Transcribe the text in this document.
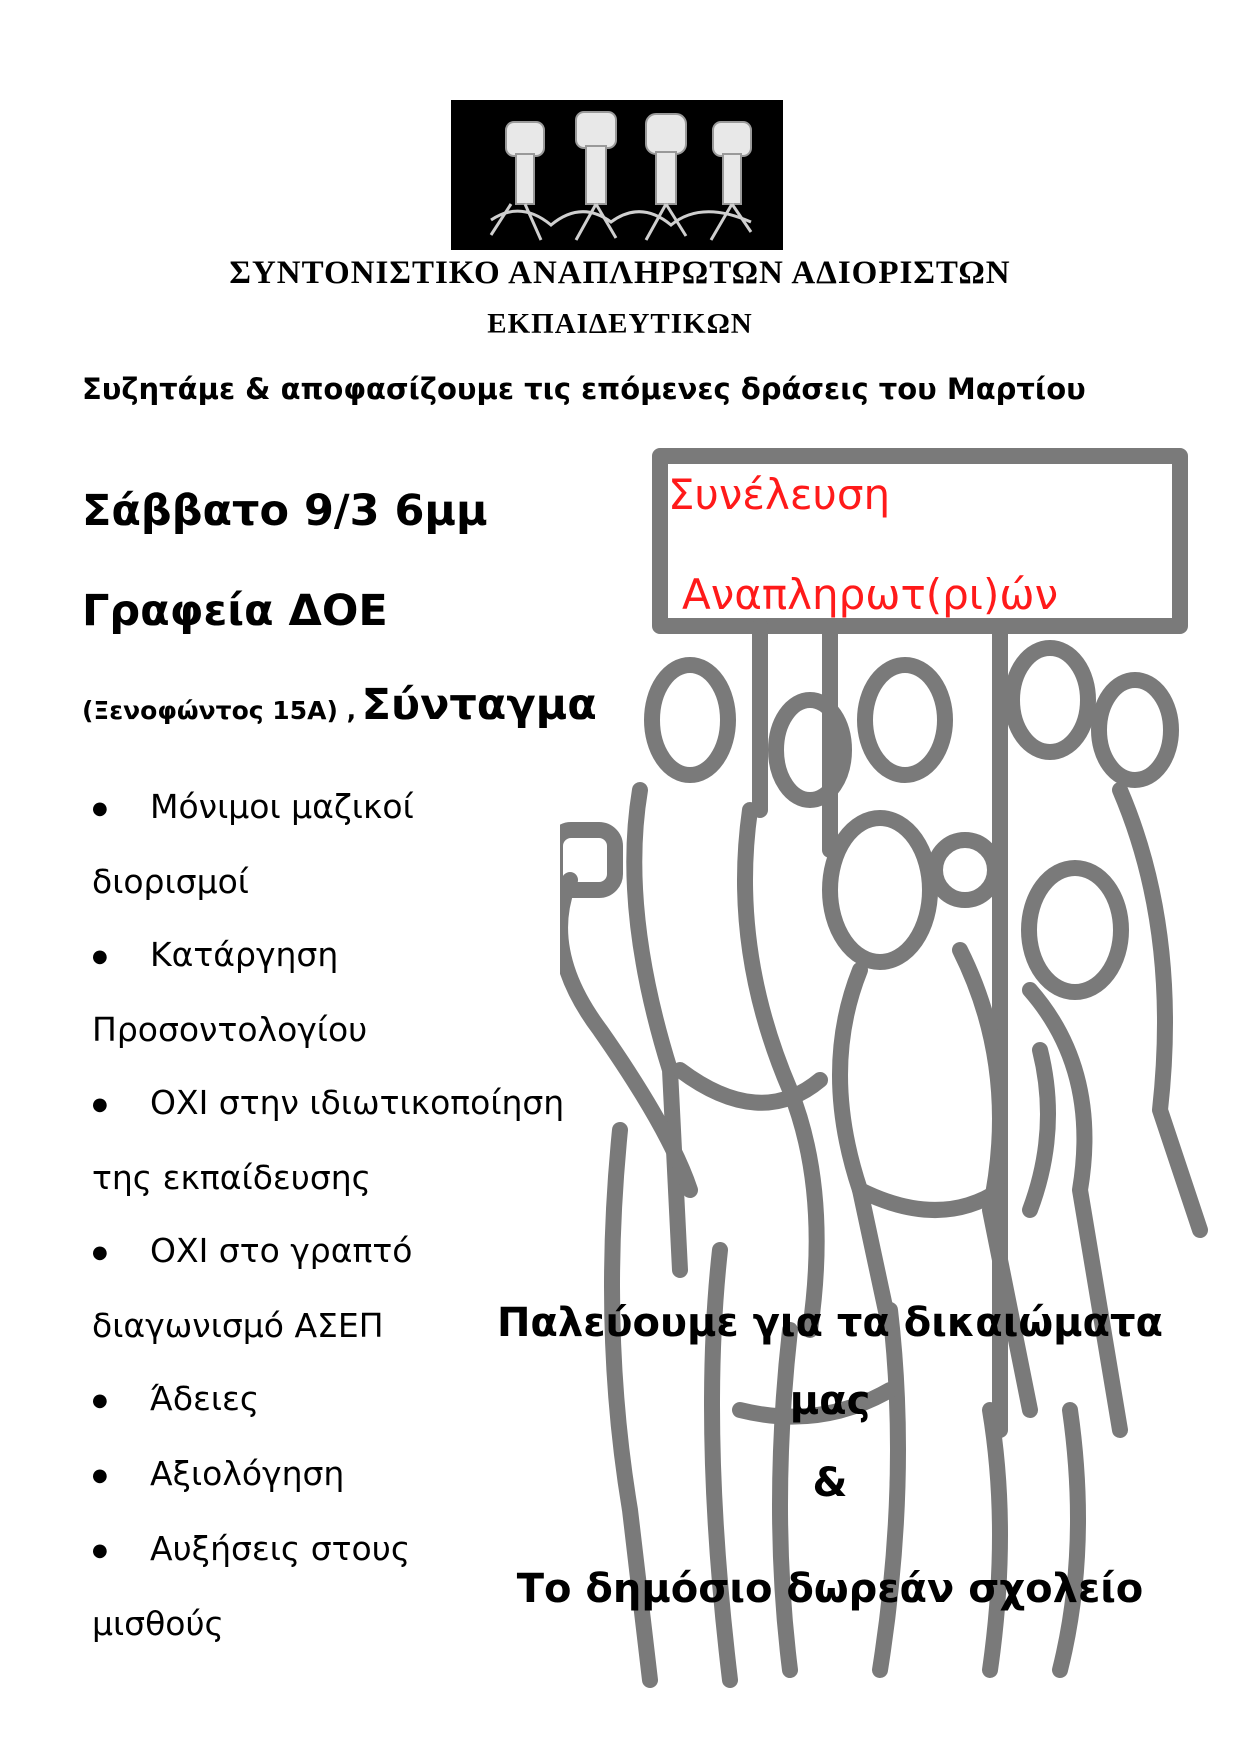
ΣΥΝΤΟΝΙΣΤΙΚΟ ΑΝΑΠΛΗΡΩΤΩΝ ΑΔΙΟΡΙΣΤΩΝ
ΕΚΠΑΙΔΕΥΤΙΚΩΝ
Συζητάμε & αποφασίζουμε τις επόμενες δράσεις του Μαρτίου
Σάββατο 9/3 6μμ
Γραφεία ΔΟΕ
(Ξενοφώντος 15Α) , Σύνταγμα
Συνέλευση
Αναπληρωτ(ρι)ών
● Μόνιμοι μαζικοί
διορισμοί
● Κατάργηση
Προσοντολογίου
● ΟΧΙ στην ιδιωτικοποίηση
της εκπαίδευσης
● ΟΧΙ στο γραπτό
διαγωνισμό ΑΣΕΠ
● Άδειες
● Αξιολόγηση
● Αυξήσεις στους
μισθούς
Παλεύουμε για τα δικαιώματα
μας
&
Το δημόσιο δωρεάν σχολείο
